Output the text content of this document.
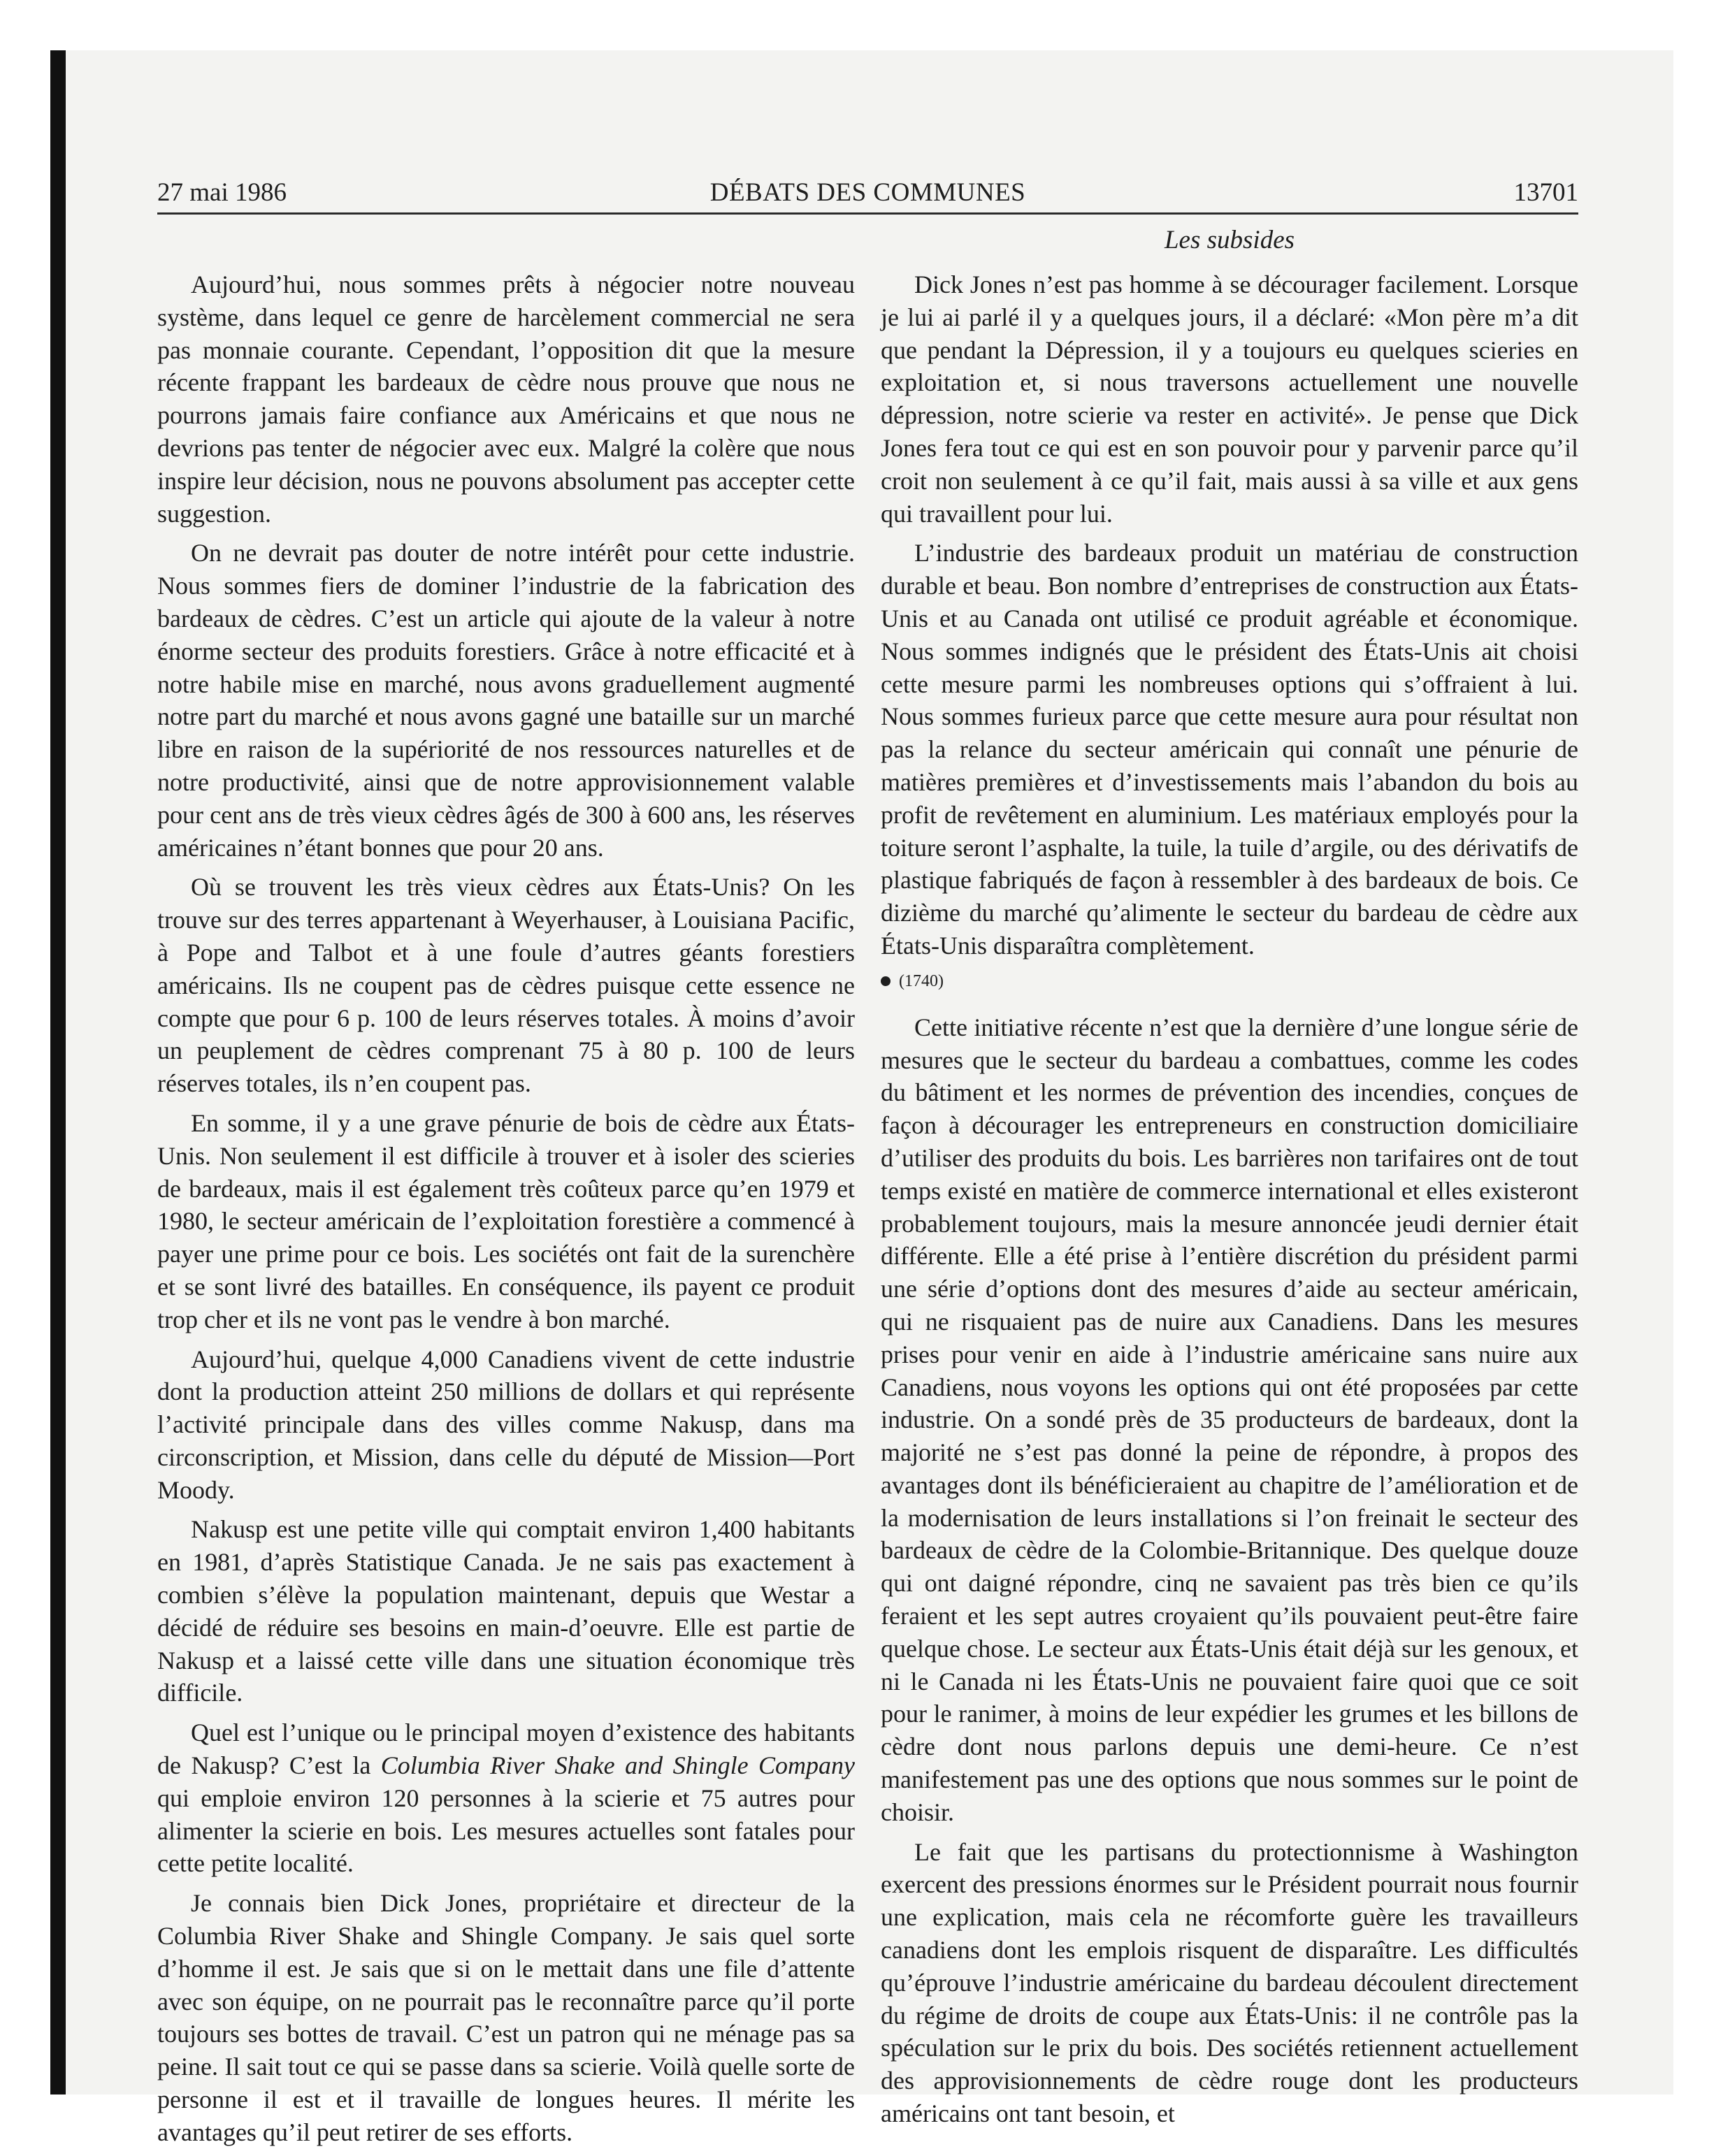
27 mai 1986	DÉBATS DES COMMUNES	13701
Les subsides

Aujourd’hui, nous sommes prêts à négocier notre nouveau système, dans lequel ce genre de harcèlement commercial ne sera pas monnaie courante. Cependant, l’opposition dit que la mesure récente frappant les bardeaux de cèdre nous prouve que nous ne pourrons jamais faire confiance aux Américains et que nous ne devrions pas tenter de négocier avec eux. Malgré la colère que nous inspire leur décision, nous ne pouvons absolument pas accepter cette suggestion.

On ne devrait pas douter de notre intérêt pour cette industrie. Nous sommes fiers de dominer l’industrie de la fabrication des bardeaux de cèdres. C’est un article qui ajoute de la valeur à notre énorme secteur des produits forestiers. Grâce à notre efficacité et à notre habile mise en marché, nous avons graduellement augmenté notre part du marché et nous avons gagné une bataille sur un marché libre en raison de la supériorité de nos ressources naturelles et de notre productivité, ainsi que de notre approvisionnement valable pour cent ans de très vieux cèdres âgés de 300 à 600 ans, les réserves américaines n’étant bonnes que pour 20 ans.

Où se trouvent les très vieux cèdres aux États-Unis? On les trouve sur des terres appartenant à Weyerhauser, à Louisiana Pacific, à Pope and Talbot et à une foule d’autres géants forestiers américains. Ils ne coupent pas de cèdres puisque cette essence ne compte que pour 6 p. 100 de leurs réserves totales. À moins d’avoir un peuplement de cèdres comprenant 75 à 80 p. 100 de leurs réserves totales, ils n’en coupent pas.

En somme, il y a une grave pénurie de bois de cèdre aux États-Unis. Non seulement il est difficile à trouver et à isoler des scieries de bardeaux, mais il est également très coûteux parce qu’en 1979 et 1980, le secteur américain de l’exploitation forestière a commencé à payer une prime pour ce bois. Les sociétés ont fait de la surenchère et se sont livré des batailles. En conséquence, ils payent ce produit trop cher et ils ne vont pas le vendre à bon marché.

Aujourd’hui, quelque 4,000 Canadiens vivent de cette industrie dont la production atteint 250 millions de dollars et qui représente l’activité principale dans des villes comme Nakusp, dans ma circonscription, et Mission, dans celle du député de Mission—Port Moody.

Nakusp est une petite ville qui comptait environ 1,400 habitants en 1981, d’après Statistique Canada. Je ne sais pas exactement à combien s’élève la population maintenant, depuis que Westar a décidé de réduire ses besoins en main-d’oeuvre. Elle est partie de Nakusp et a laissé cette ville dans une situation économique très difficile.

Quel est l’unique ou le principal moyen d’existence des habitants de Nakusp? C’est la Columbia River Shake and Shingle Company qui emploie environ 120 personnes à la scierie et 75 autres pour alimenter la scierie en bois. Les mesures actuelles sont fatales pour cette petite localité.

Je connais bien Dick Jones, propriétaire et directeur de la Columbia River Shake and Shingle Company. Je sais quel sorte d’homme il est. Je sais que si on le mettait dans une file d’attente avec son équipe, on ne pourrait pas le reconnaître parce qu’il porte toujours ses bottes de travail. C’est un patron qui ne ménage pas sa peine. Il sait tout ce qui se passe dans sa scierie. Voilà quelle sorte de personne il est et il travaille de longues heures. Il mérite les avantages qu’il peut retirer de ses efforts.

Dick Jones n’est pas homme à se décourager facilement. Lorsque je lui ai parlé il y a quelques jours, il a déclaré: «Mon père m’a dit que pendant la Dépression, il y a toujours eu quelques scieries en exploitation et, si nous traversons actuellement une nouvelle dépression, notre scierie va rester en activité». Je pense que Dick Jones fera tout ce qui est en son pouvoir pour y parvenir parce qu’il croit non seulement à ce qu’il fait, mais aussi à sa ville et aux gens qui travaillent pour lui.

L’industrie des bardeaux produit un matériau de construction durable et beau. Bon nombre d’entreprises de construction aux États-Unis et au Canada ont utilisé ce produit agréable et économique. Nous sommes indignés que le président des États-Unis ait choisi cette mesure parmi les nombreuses options qui s’offraient à lui. Nous sommes furieux parce que cette mesure aura pour résultat non pas la relance du secteur américain qui connaît une pénurie de matières premières et d’investissements mais l’abandon du bois au profit de revêtement en aluminium. Les matériaux employés pour la toiture seront l’asphalte, la tuile, la tuile d’argile, ou des dérivatifs de plastique fabriqués de façon à ressembler à des bardeaux de bois. Ce dizième du marché qu’alimente le secteur du bardeau de cèdre aux États-Unis disparaîtra complètement.

(1740)

Cette initiative récente n’est que la dernière d’une longue série de mesures que le secteur du bardeau a combattues, comme les codes du bâtiment et les normes de prévention des incendies, conçues de façon à décourager les entrepreneurs en construction domiciliaire d’utiliser des produits du bois. Les barrières non tarifaires ont de tout temps existé en matière de commerce international et elles existeront probablement toujours, mais la mesure annoncée jeudi dernier était différente. Elle a été prise à l’entière discrétion du président parmi une série d’options dont des mesures d’aide au secteur américain, qui ne risquaient pas de nuire aux Canadiens. Dans les mesures prises pour venir en aide à l’industrie américaine sans nuire aux Canadiens, nous voyons les options qui ont été proposées par cette industrie. On a sondé près de 35 producteurs de bardeaux, dont la majorité ne s’est pas donné la peine de répondre, à propos des avantages dont ils bénéficieraient au chapitre de l’amélioration et de la modernisation de leurs installations si l’on freinait le secteur des bardeaux de cèdre de la Colombie-Britannique. Des quelque douze qui ont daigné répondre, cinq ne savaient pas très bien ce qu’ils feraient et les sept autres croyaient qu’ils pouvaient peut-être faire quelque chose. Le secteur aux États-Unis était déjà sur les genoux, et ni le Canada ni les États-Unis ne pouvaient faire quoi que ce soit pour le ranimer, à moins de leur expédier les grumes et les billons de cèdre dont nous parlons depuis une demi-heure. Ce n’est manifestement pas une des options que nous sommes sur le point de choisir.

Le fait que les partisans du protectionnisme à Washington exercent des pressions énormes sur le Président pourrait nous fournir une explication, mais cela ne récomforte guère les travailleurs canadiens dont les emplois risquent de disparaître. Les difficultés qu’éprouve l’industrie américaine du bardeau découlent directement du régime de droits de coupe aux États-Unis: il ne contrôle pas la spéculation sur le prix du bois. Des sociétés retiennent actuellement des approvisionnements de cèdre rouge dont les producteurs américains ont tant besoin, et
